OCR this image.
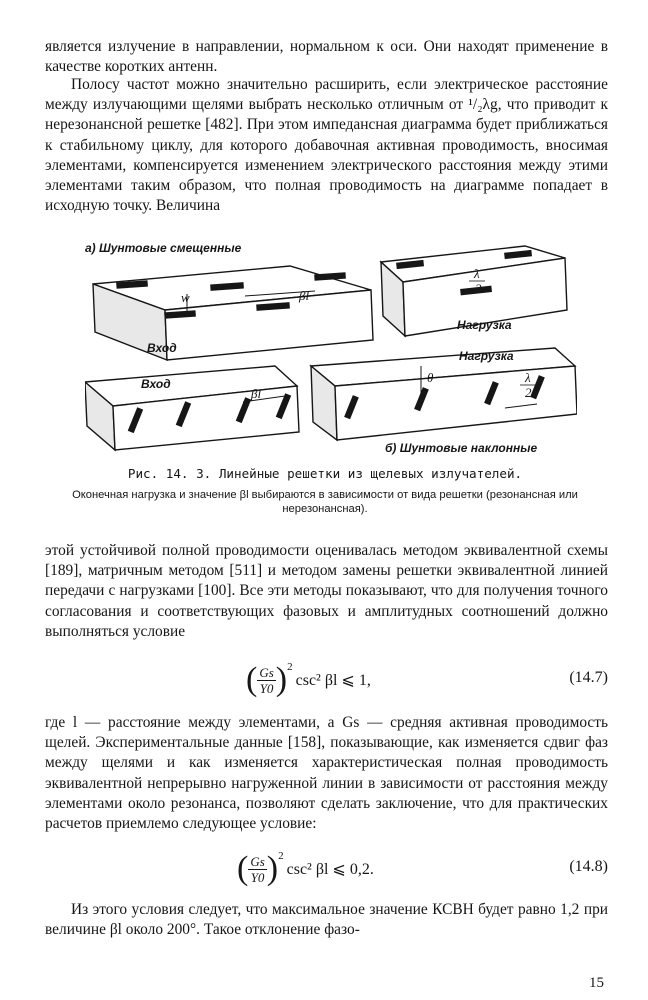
является излучение в направлении, нормальном к оси. Они находят применение в качестве коротких антенн.
Полосу частот можно значительно расширить, если электрическое расстояние между излучающими щелями выбрать несколько отличным от ¹/₂λg, что приводит к нерезонансной решетке [482]. При этом импедансная диаграмма будет приближаться к стабильному циклу, для которого добавочная активная проводимость, вносимая элементами, компенсируется изменением электрического расстояния между этими элементами таким образом, что полная проводимость на диаграмме попадает в исходную точку. Величина
а) Шунтовые смещенные
w	βl
Вход
λ
2
Нагрузка
Вход
βl
Нагрузка
θ	λ
2
б) Шунтовые наклонные
Рис. 14. 3. Линейные решетки из щелевых излучателей.
Оконечная нагрузка и значение βl выбираются в зависимости от вида решетки (резонансная или нерезонансная).
этой устойчивой полной проводимости оценивалась методом эквивалентной схемы [189], матричным методом [511] и методом замены решетки эквивалентной линией передачи с нагрузками [100]. Все эти методы показывают, что для получения точного согласования и соответствующих фазовых и амплитудных соотношений должно выполняться условие
( $\frac{Gs}{Y0}$ ) 2
csc² βl ⩽ 1,	(14.7)
где l — расстояние между элементами, а Gs — средняя активная проводимость щелей. Экспериментальные данные [158], показывающие, как изменяется сдвиг фаз между щелями и как изменяется характеристическая полная проводимость эквивалентной непрерывно нагруженной линии в зависимости от расстояния между элементами около резонанса, позволяют сделать заключение, что для практических расчетов приемлемо следующее условие:
( $\frac{Gs}{Y0}$ ) 2
csc² βl ⩽ 0,2.	(14.8)
Из этого условия следует, что максимальное значение КСВН будет равно 1,2 при величине βl около 200°. Такое отклонение фазо-
15
